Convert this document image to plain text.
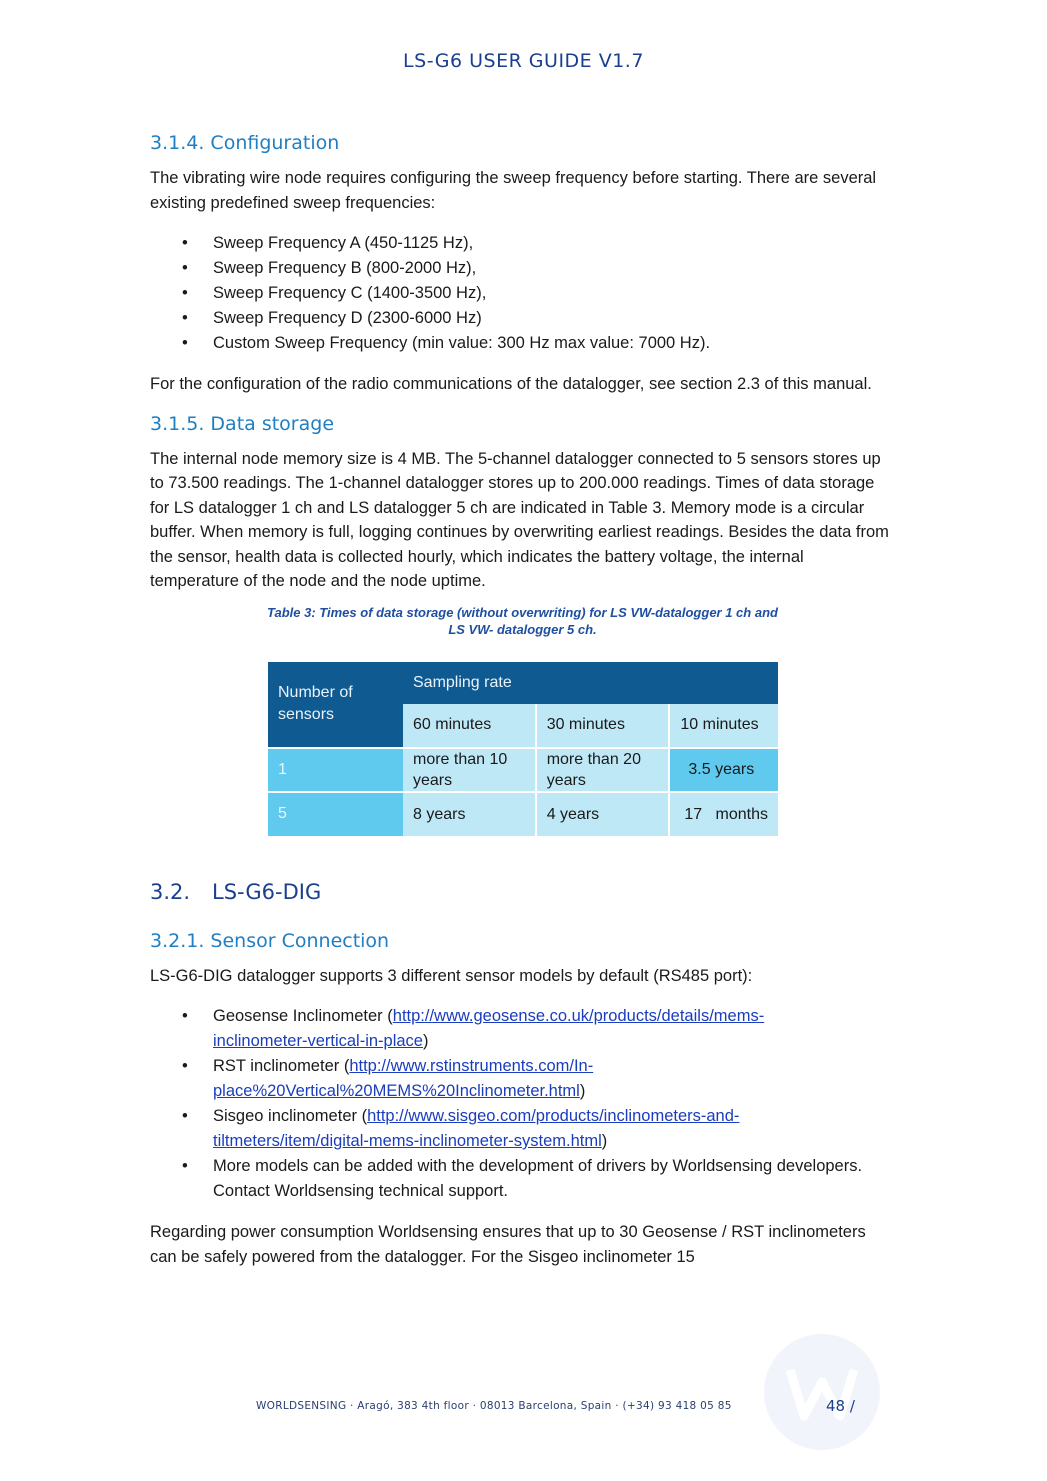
LS-G6 USER GUIDE V1.7
3.1.4. Configuration

The vibrating wire node requires configuring the sweep frequency before starting. There are several existing predefined sweep frequencies:

• Sweep Frequency A (450-1125 Hz),
• Sweep Frequency B (800-2000 Hz),
• Sweep Frequency C (1400-3500 Hz),
• Sweep Frequency D (2300-6000 Hz)
• Custom Sweep Frequency (min value: 300 Hz max value: 7000 Hz).

For the configuration of the radio communications of the datalogger, see section 2.3 of this manual.

3.1.5. Data storage

The internal node memory size is 4 MB. The 5-channel datalogger connected to 5 sensors stores up to 73.500 readings. The 1-channel datalogger stores up to 200.000 readings. Times of data storage for LS datalogger 1 ch and LS datalogger 5 ch are indicated in Table 3. Memory mode is a circular buffer. When memory is full, logging continues by overwriting earliest readings. Besides the data from the sensor, health data is collected hourly, which indicates the battery voltage, the internal temperature of the node and the node uptime.

Table 3: Times of data storage (without overwriting) for LS VW-datalogger 1 ch and
LS VW- datalogger 5 ch.
Number of sensors	Sampling rate		
	60 minutes	30 minutes	10 minutes
1	more than 10 years	more than 20 years	3.5 years
5	8 years	4 years	17   months
3.2. LS-G6-DIG
3.2.1. Sensor Connection

LS-G6-DIG datalogger supports 3 different sensor models by default (RS485 port):

• Geosense Inclinometer (http://www.geosense.co.uk/products/details/mems-
inclinometer-vertical-in-place)
• RST inclinometer (http://www.rstinstruments.com/In-
place%20Vertical%20MEMS%20Inclinometer.html)
• Sisgeo inclinometer (http://www.sisgeo.com/products/inclinometers-and-
tiltmeters/item/digital-mems-inclinometer-system.html)
• More models can be added with the development of drivers by Worldsensing developers. Contact Worldsensing technical support.

Regarding power consumption Worldsensing ensures that up to 30 Geosense / RST inclinometers can be safely powered from the datalogger. For the Sisgeo inclinometer 15

WORLDSENSING · Aragó, 383 4th floor · 08013 Barcelona, Spain · (+34) 93 418 05 85	48 /
